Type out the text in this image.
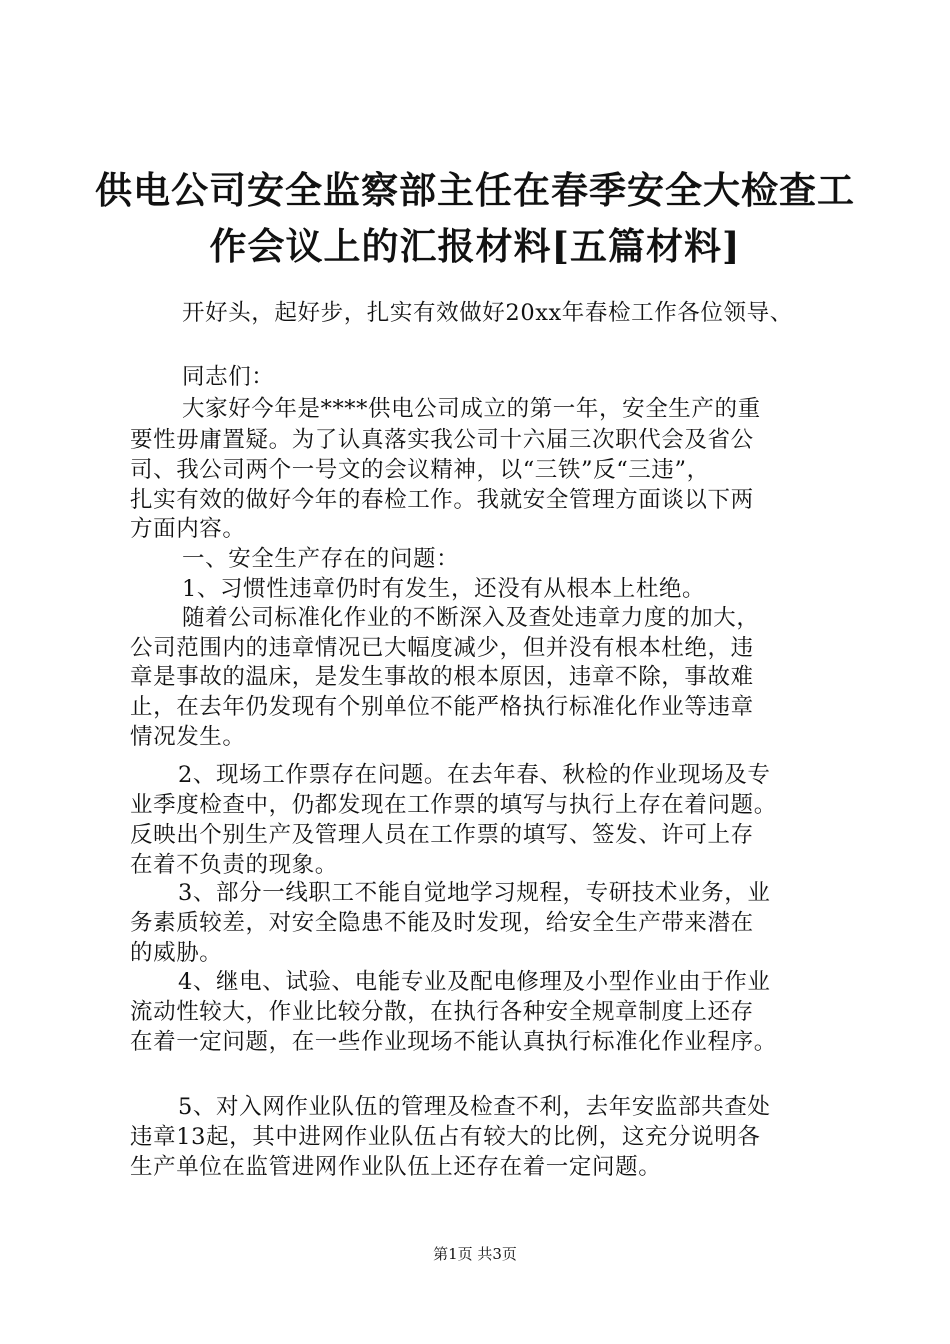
供电公司安全监察部主任在春季安全大检查工
作会议上的汇报材料[五篇材料]
开好头，起好步，扎实有效做好20xx年春检工作各位领导、
同志们：
大家好今年是****供电公司成立的第一年，安全生产的重
要性毋庸置疑。为了认真落实我公司十六届三次职代会及省公
司、我公司两个一号文的会议精神，以“三铁”反“三违”，
扎实有效的做好今年的春检工作。我就安全管理方面谈以下两
方面内容。
一、安全生产存在的问题：
1、习惯性违章仍时有发生，还没有从根本上杜绝。
随着公司标准化作业的不断深入及查处违章力度的加大，
公司范围内的违章情况已大幅度减少，但并没有根本杜绝，违
章是事故的温床，是发生事故的根本原因，违章不除，事故难
止，在去年仍发现有个别单位不能严格执行标准化作业等违章
情况发生。
2、现场工作票存在问题。在去年春、秋检的作业现场及专
业季度检查中，仍都发现在工作票的填写与执行上存在着问题。
反映出个别生产及管理人员在工作票的填写、签发、许可上存
在着不负责的现象。
3、部分一线职工不能自觉地学习规程，专研技术业务，业
务素质较差，对安全隐患不能及时发现，给安全生产带来潜在
的威胁。
4、继电、试验、电能专业及配电修理及小型作业由于作业
流动性较大，作业比较分散，在执行各种安全规章制度上还存
在着一定问题，在一些作业现场不能认真执行标准化作业程序。
5、对入网作业队伍的管理及检查不利，去年安监部共查处
违章13起，其中进网作业队伍占有较大的比例，这充分说明各
生产单位在监管进网作业队伍上还存在着一定问题。
第1页 共3页
